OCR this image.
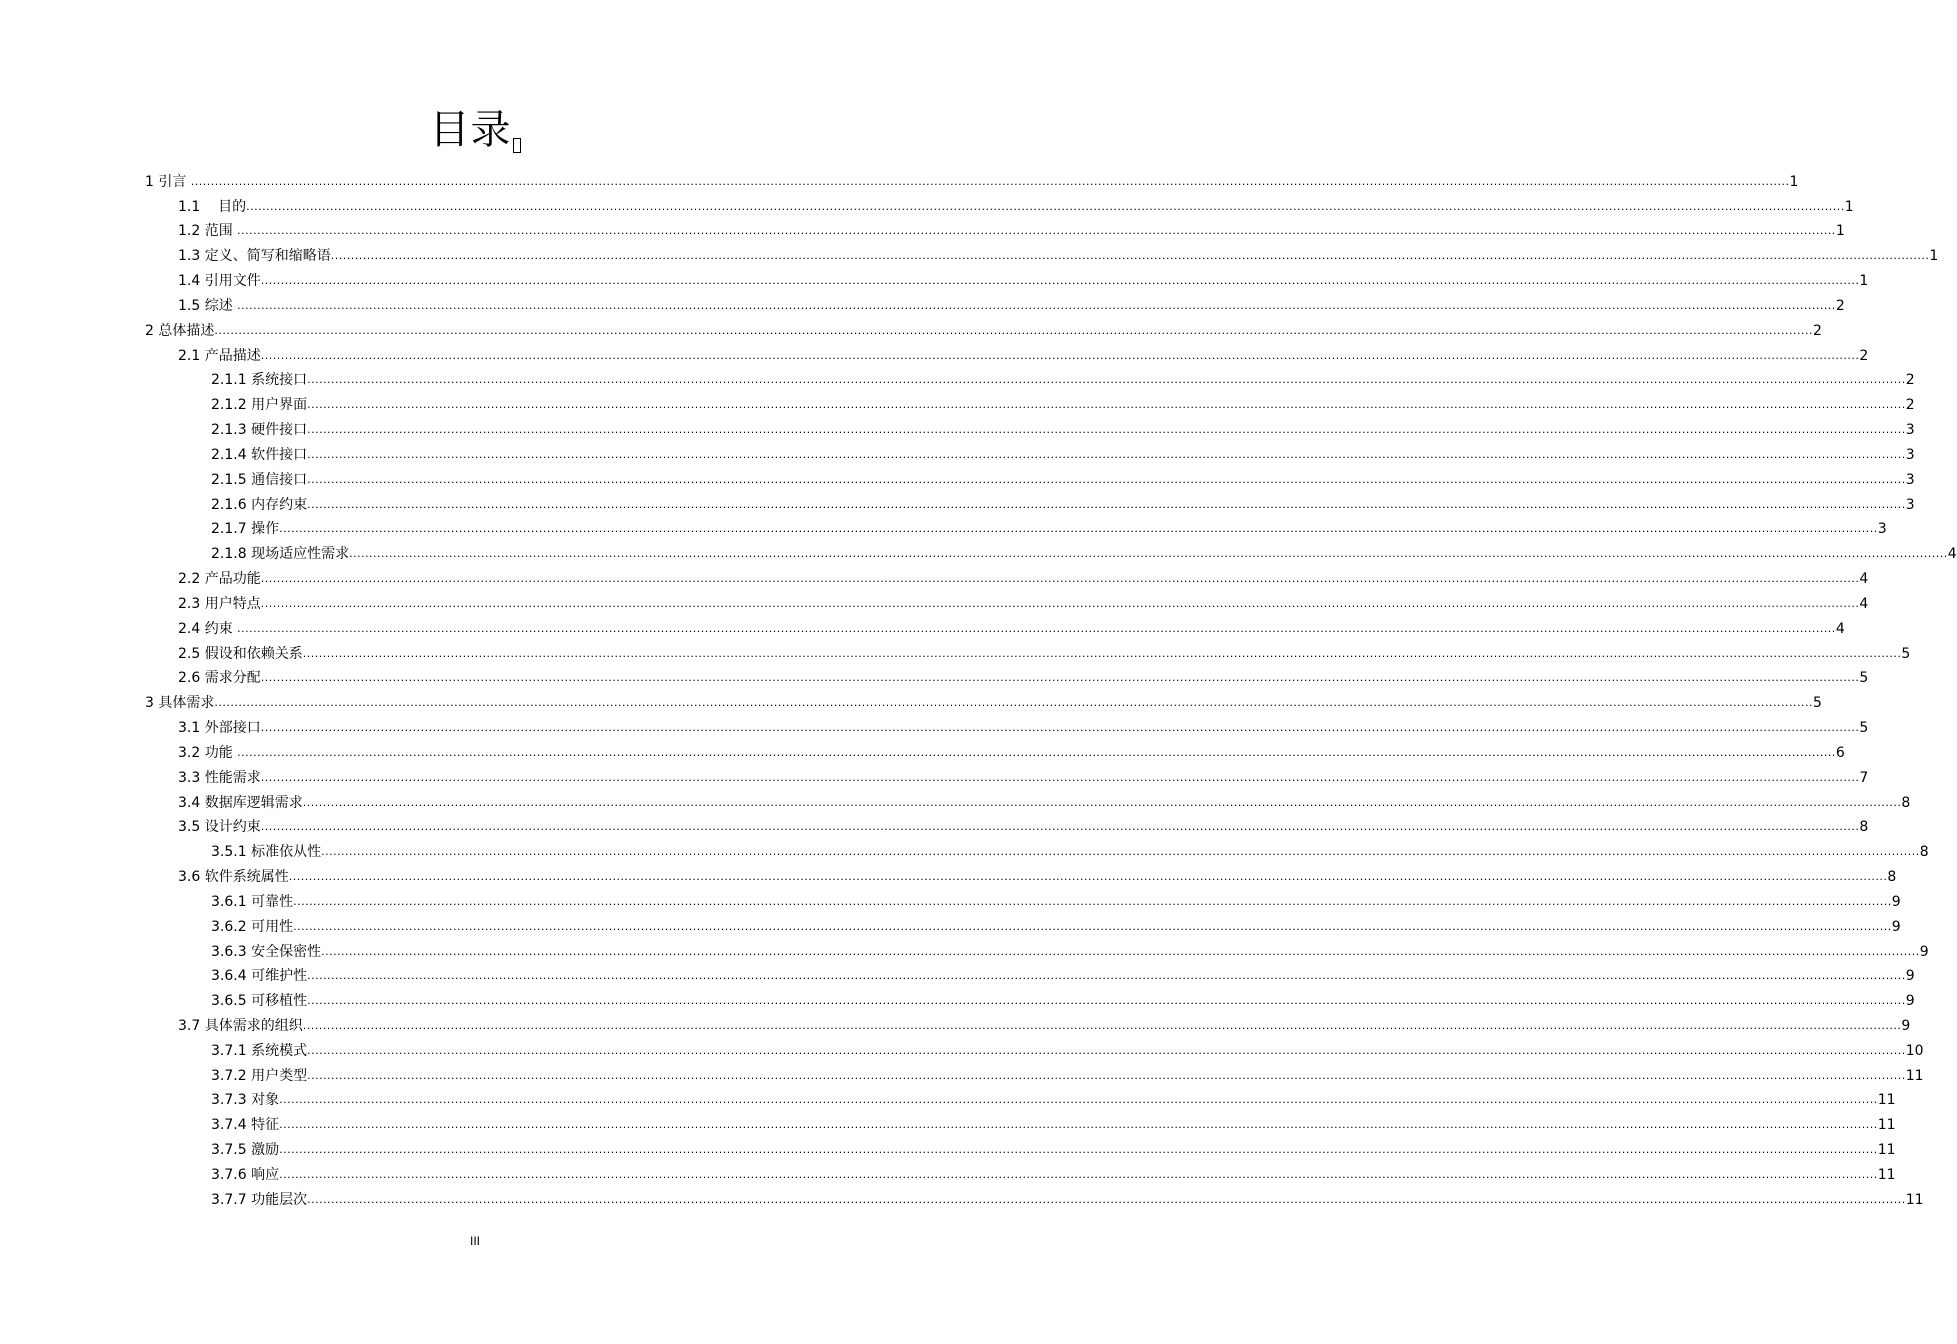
目录
1 引言 ................................................................................................................................................................................................................................................................................................................................................................................................................ 1
1.1    目的 ................................................................................................................................................................................................................................................................................................................................................................................................................ 1
1.2 范围 ................................................................................................................................................................................................................................................................................................................................................................................................................ 1
1.3 定义、简写和缩略语 ................................................................................................................................................................................................................................................................................................................................................................................................................ 1
1.4 引用文件 ................................................................................................................................................................................................................................................................................................................................................................................................................ 1
1.5 综述 ................................................................................................................................................................................................................................................................................................................................................................................................................ 2
2 总体描述 ................................................................................................................................................................................................................................................................................................................................................................................................................ 2
2.1 产品描述 ................................................................................................................................................................................................................................................................................................................................................................................................................ 2
2.1.1 系统接口 ................................................................................................................................................................................................................................................................................................................................................................................................................ 2
2.1.2 用户界面 ................................................................................................................................................................................................................................................................................................................................................................................................................ 2
2.1.3 硬件接口 ................................................................................................................................................................................................................................................................................................................................................................................................................ 3
2.1.4 软件接口 ................................................................................................................................................................................................................................................................................................................................................................................................................ 3
2.1.5 通信接口 ................................................................................................................................................................................................................................................................................................................................................................................................................ 3
2.1.6 内存约束 ................................................................................................................................................................................................................................................................................................................................................................................................................ 3
2.1.7 操作 ................................................................................................................................................................................................................................................................................................................................................................................................................ 3
2.1.8 现场适应性需求 ................................................................................................................................................................................................................................................................................................................................................................................................................ 4
2.2 产品功能 ................................................................................................................................................................................................................................................................................................................................................................................................................ 4
2.3 用户特点 ................................................................................................................................................................................................................................................................................................................................................................................................................ 4
2.4 约束 ................................................................................................................................................................................................................................................................................................................................................................................................................ 4
2.5 假设和依赖关系 ................................................................................................................................................................................................................................................................................................................................................................................................................ 5
2.6 需求分配 ................................................................................................................................................................................................................................................................................................................................................................................................................ 5
3 具体需求 ................................................................................................................................................................................................................................................................................................................................................................................................................ 5
3.1 外部接口 ................................................................................................................................................................................................................................................................................................................................................................................................................ 5
3.2 功能 ................................................................................................................................................................................................................................................................................................................................................................................................................ 6
3.3 性能需求 ................................................................................................................................................................................................................................................................................................................................................................................................................ 7
3.4 数据库逻辑需求 ................................................................................................................................................................................................................................................................................................................................................................................................................ 8
3.5 设计约束 ................................................................................................................................................................................................................................................................................................................................................................................................................ 8
3.5.1 标准依从性 ................................................................................................................................................................................................................................................................................................................................................................................................................ 8
3.6 软件系统属性 ................................................................................................................................................................................................................................................................................................................................................................................................................ 8
3.6.1 可靠性 ................................................................................................................................................................................................................................................................................................................................................................................................................ 9
3.6.2 可用性 ................................................................................................................................................................................................................................................................................................................................................................................................................ 9
3.6.3 安全保密性 ................................................................................................................................................................................................................................................................................................................................................................................................................ 9
3.6.4 可维护性 ................................................................................................................................................................................................................................................................................................................................................................................................................ 9
3.6.5 可移植性 ................................................................................................................................................................................................................................................................................................................................................................................................................ 9
3.7 具体需求的组织 ................................................................................................................................................................................................................................................................................................................................................................................................................ 9
3.7.1 系统模式 ................................................................................................................................................................................................................................................................................................................................................................................................................ 10
3.7.2 用户类型 ................................................................................................................................................................................................................................................................................................................................................................................................................ 11
3.7.3 对象 ................................................................................................................................................................................................................................................................................................................................................................................................................ 11
3.7.4 特征 ................................................................................................................................................................................................................................................................................................................................................................................................................ 11
3.7.5 激励 ................................................................................................................................................................................................................................................................................................................................................................................................................ 11
3.7.6 响应 ................................................................................................................................................................................................................................................................................................................................................................................................................ 11
3.7.7 功能层次 ................................................................................................................................................................................................................................................................................................................................................................................................................ 11
III
